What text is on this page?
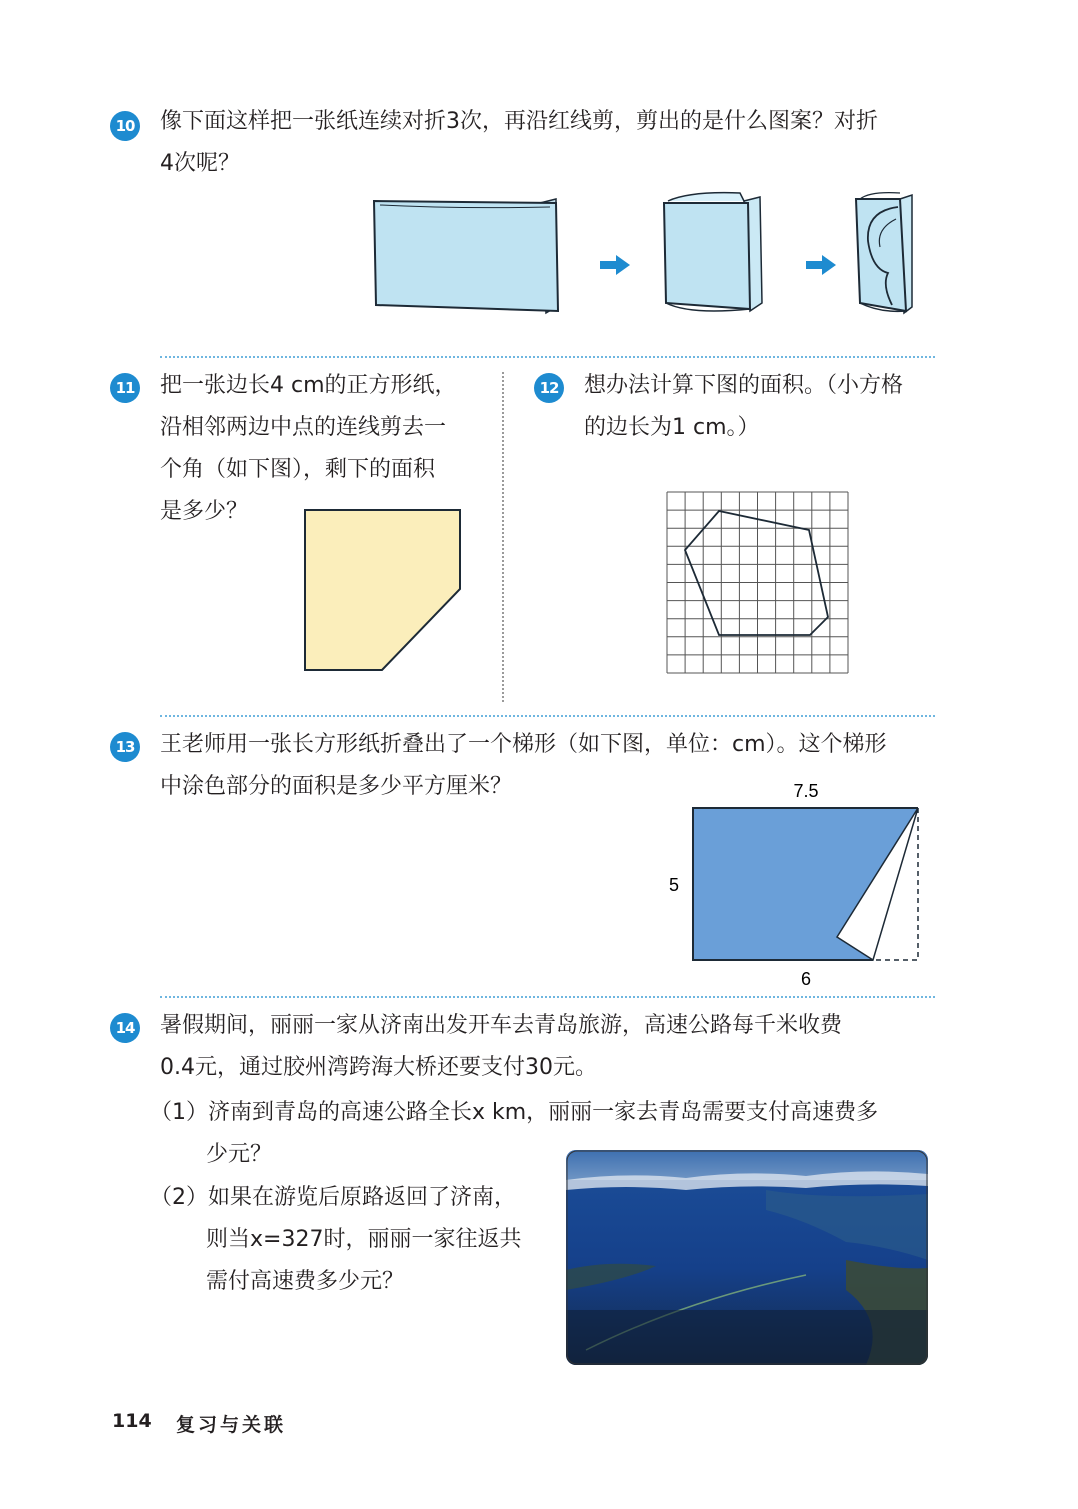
10 像下面这样把一张纸连续对折3次，再沿红线剪，剪出的是什么图案？对折
4次呢？
11 把一张边长4 cm的正方形纸，
沿相邻两边中点的连线剪去一
个角（如下图），剩下的面积
是多少？
12 想办法计算下图的面积。（小方格
的边长为1 cm。）
13 王老师用一张长方形纸折叠出了一个梯形（如下图，单位：cm）。这个梯形
中涂色部分的面积是多少平方厘米？	7.5
5
6
14 暑假期间，丽丽一家从济南出发开车去青岛旅游，高速公路每千米收费
0.4元，通过胶州湾跨海大桥还要支付30元。
（1）济南到青岛的高速公路全长x km，丽丽一家去青岛需要支付高速费多
少元？
（2）如果在游览后原路返回了济南，
则当x=327时，丽丽一家往返共
需付高速费多少元？
114 复习与关联
